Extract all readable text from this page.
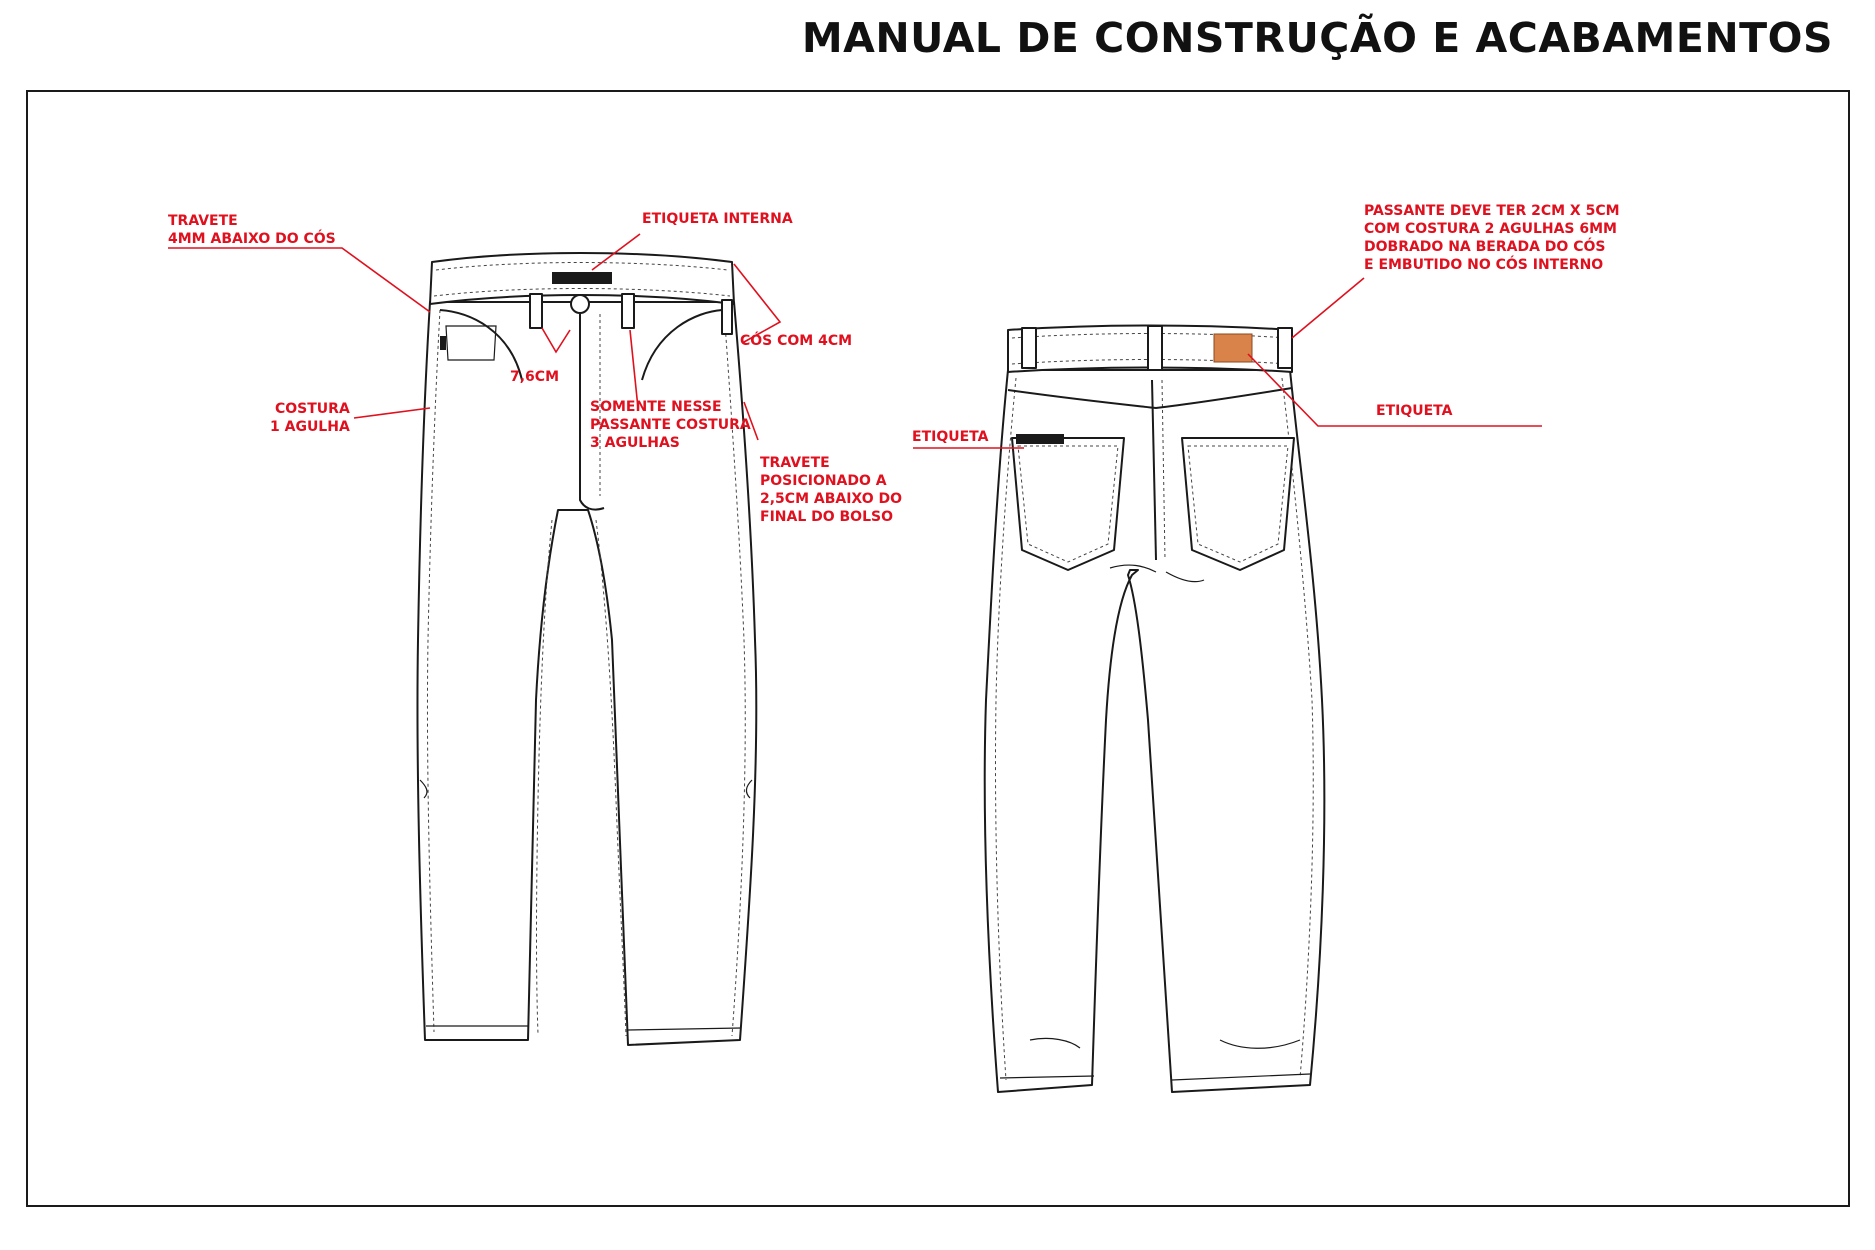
MANUAL DE CONSTRUÇÃO E ACABAMENTOS

TRAVETE
4MM ABAIXO DO CÓS

ETIQUETA INTERNA

CÓS COM 4CM

7,6CM

COSTURA
1 AGULHA

SOMENTE NESSE
PASSANTE COSTURA
3 AGULHAS

TRAVETE
POSICIONADO A
2,5CM ABAIXO DO
FINAL DO BOLSO

PASSANTE DEVE TER 2CM X 5CM
COM COSTURA 2 AGULHAS 6MM
DOBRADO NA BERADA DO CÓS
E EMBUTIDO NO CÓS INTERNO

ETIQUETA

ETIQUETA
